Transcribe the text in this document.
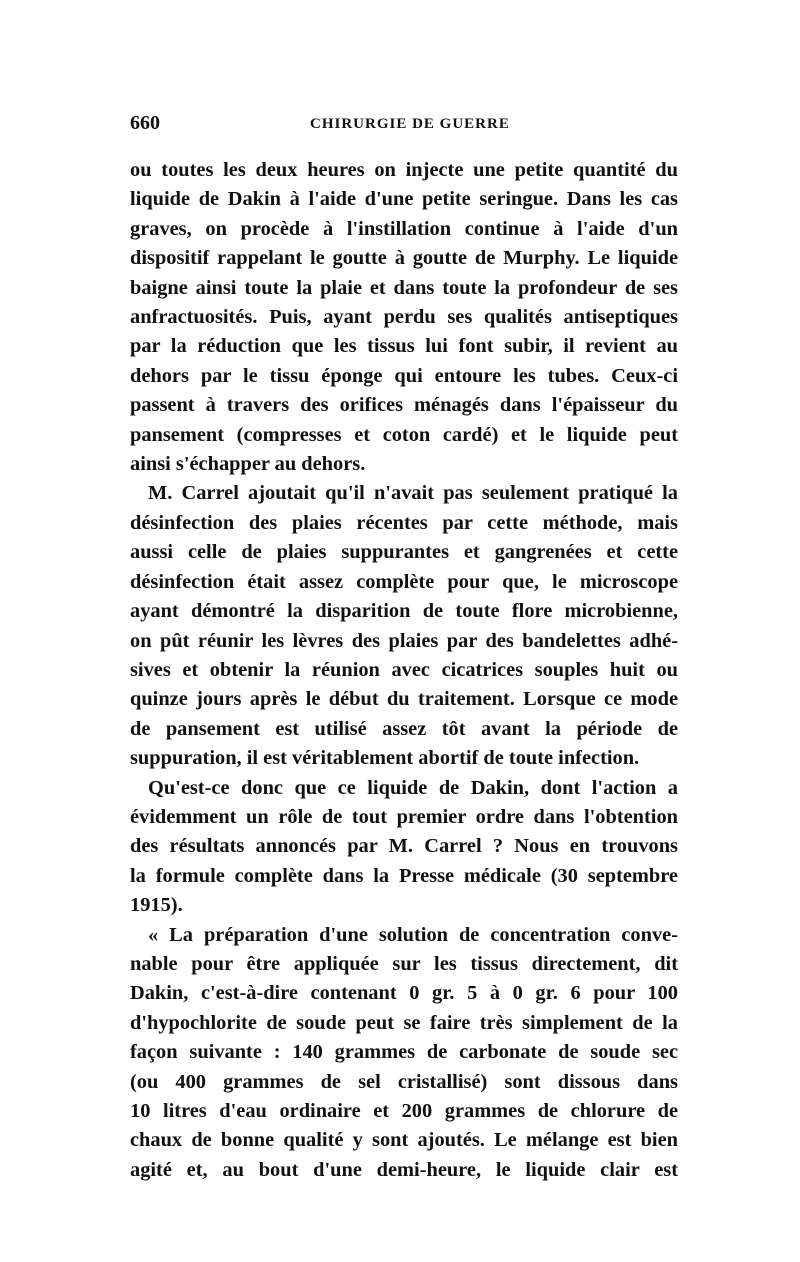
660	CHIRURGIE DE GUERRE
ou toutes les deux heures on injecte une petite quantité du
liquide de Dakin à l'aide d'une petite seringue. Dans les cas
graves, on procède à l'instillation continue à l'aide d'un
dispositif rappelant le goutte à goutte de Murphy. Le liquide
baigne ainsi toute la plaie et dans toute la profondeur de ses
anfractuosités. Puis, ayant perdu ses qualités antiseptiques
par la réduction que les tissus lui font subir, il revient au
dehors par le tissu éponge qui entoure les tubes. Ceux-ci
passent à travers des orifices ménagés dans l'épaisseur du
pansement (compresses et coton cardé) et le liquide peut
ainsi s'échapper au dehors.
M. Carrel ajoutait qu'il n'avait pas seulement pratiqué la
désinfection des plaies récentes par cette méthode, mais
aussi celle de plaies suppurantes et gangrenées et cette
désinfection était assez complète pour que, le microscope
ayant démontré la disparition de toute flore microbienne,
on pût réunir les lèvres des plaies par des bandelettes adhé-
sives et obtenir la réunion avec cicatrices souples huit ou
quinze jours après le début du traitement. Lorsque ce mode
de pansement est utilisé assez tôt avant la période de
suppuration, il est véritablement abortif de toute infection.
Qu'est-ce donc que ce liquide de Dakin, dont l'action a
évidemment un rôle de tout premier ordre dans l'obtention
des résultats annoncés par M. Carrel ? Nous en trouvons
la formule complète dans la Presse médicale (30 septembre
1915).
« La préparation d'une solution de concentration conve-
nable pour être appliquée sur les tissus directement, dit
Dakin, c'est-à-dire contenant 0 gr. 5 à 0 gr. 6 pour 100
d'hypochlorite de soude peut se faire très simplement de la
façon suivante : 140 grammes de carbonate de soude sec
(ou 400 grammes de sel cristallisé) sont dissous dans
10 litres d'eau ordinaire et 200 grammes de chlorure de
chaux de bonne qualité y sont ajoutés. Le mélange est bien
agité et, au bout d'une demi-heure, le liquide clair est
